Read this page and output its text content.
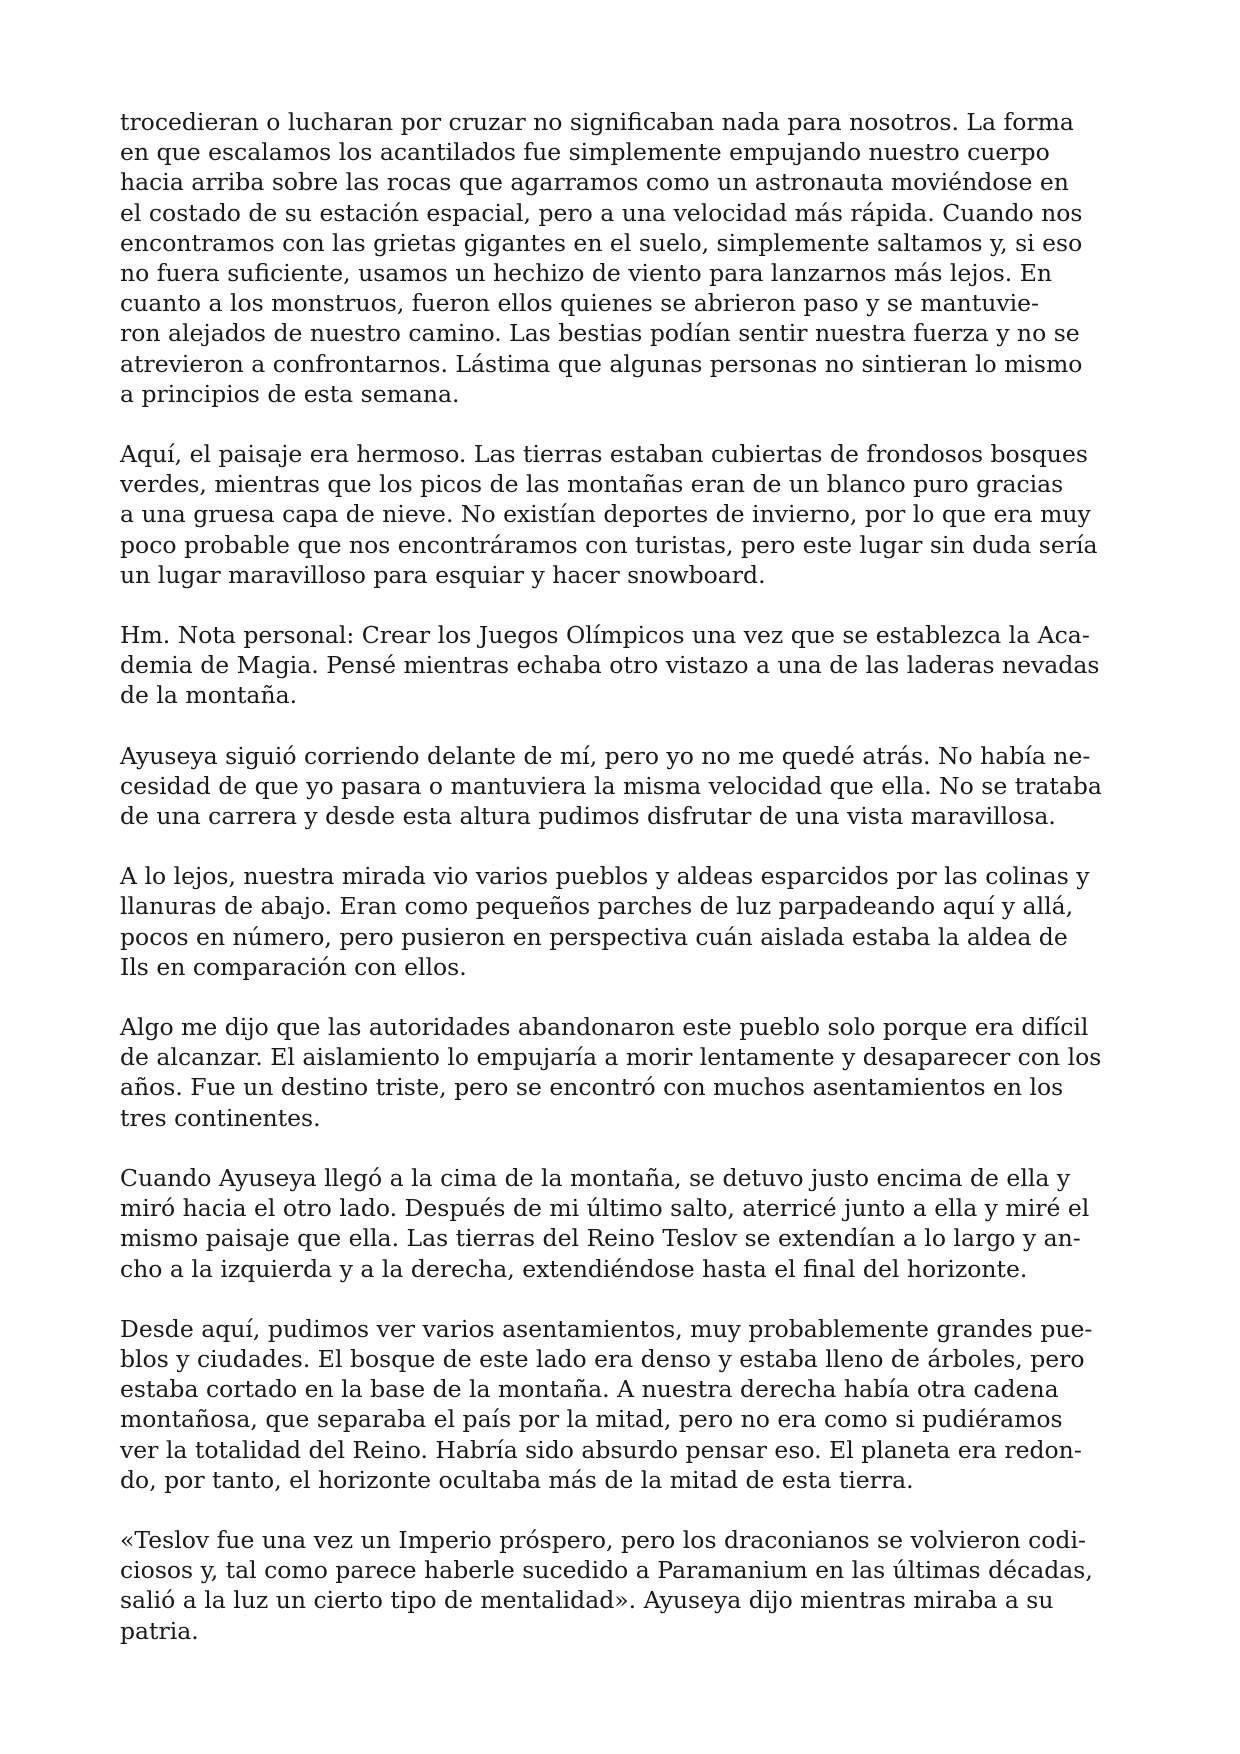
trocedieran o lucharan por cruzar no significaban nada para nosotros. La forma
en que escalamos los acantilados fue simplemente empujando nuestro cuerpo
hacia arriba sobre las rocas que agarramos como un astronauta moviéndose en
el costado de su estación espacial, pero a una velocidad más rápida. Cuando nos
encontramos con las grietas gigantes en el suelo, simplemente saltamos y, si eso
no fuera suficiente, usamos un hechizo de viento para lanzarnos más lejos. En
cuanto a los monstruos, fueron ellos quienes se abrieron paso y se mantuvie-
ron alejados de nuestro camino. Las bestias podían sentir nuestra fuerza y no se
atrevieron a confrontarnos. Lástima que algunas personas no sintieran lo mismo
a principios de esta semana.

Aquí, el paisaje era hermoso. Las tierras estaban cubiertas de frondosos bosques
verdes, mientras que los picos de las montañas eran de un blanco puro gracias
a una gruesa capa de nieve. No existían deportes de invierno, por lo que era muy
poco probable que nos encontráramos con turistas, pero este lugar sin duda sería
un lugar maravilloso para esquiar y hacer snowboard.

Hm. Nota personal: Crear los Juegos Olímpicos una vez que se establezca la Aca-
demia de Magia. Pensé mientras echaba otro vistazo a una de las laderas nevadas
de la montaña.

Ayuseya siguió corriendo delante de mí, pero yo no me quedé atrás. No había ne-
cesidad de que yo pasara o mantuviera la misma velocidad que ella. No se trataba
de una carrera y desde esta altura pudimos disfrutar de una vista maravillosa.

A lo lejos, nuestra mirada vio varios pueblos y aldeas esparcidos por las colinas y
llanuras de abajo. Eran como pequeños parches de luz parpadeando aquí y allá,
pocos en número, pero pusieron en perspectiva cuán aislada estaba la aldea de
Ils en comparación con ellos.

Algo me dijo que las autoridades abandonaron este pueblo solo porque era difícil
de alcanzar. El aislamiento lo empujaría a morir lentamente y desaparecer con los
años. Fue un destino triste, pero se encontró con muchos asentamientos en los
tres continentes.

Cuando Ayuseya llegó a la cima de la montaña, se detuvo justo encima de ella y
miró hacia el otro lado. Después de mi último salto, aterricé junto a ella y miré el
mismo paisaje que ella. Las tierras del Reino Teslov se extendían a lo largo y an-
cho a la izquierda y a la derecha, extendiéndose hasta el final del horizonte.

Desde aquí, pudimos ver varios asentamientos, muy probablemente grandes pue-
blos y ciudades. El bosque de este lado era denso y estaba lleno de árboles, pero
estaba cortado en la base de la montaña. A nuestra derecha había otra cadena
montañosa, que separaba el país por la mitad, pero no era como si pudiéramos
ver la totalidad del Reino. Habría sido absurdo pensar eso. El planeta era redon-
do, por tanto, el horizonte ocultaba más de la mitad de esta tierra.

«Teslov fue una vez un Imperio próspero, pero los draconianos se volvieron codi-
ciosos y, tal como parece haberle sucedido a Paramanium en las últimas décadas,
salió a la luz un cierto tipo de mentalidad». Ayuseya dijo mientras miraba a su
patria.
